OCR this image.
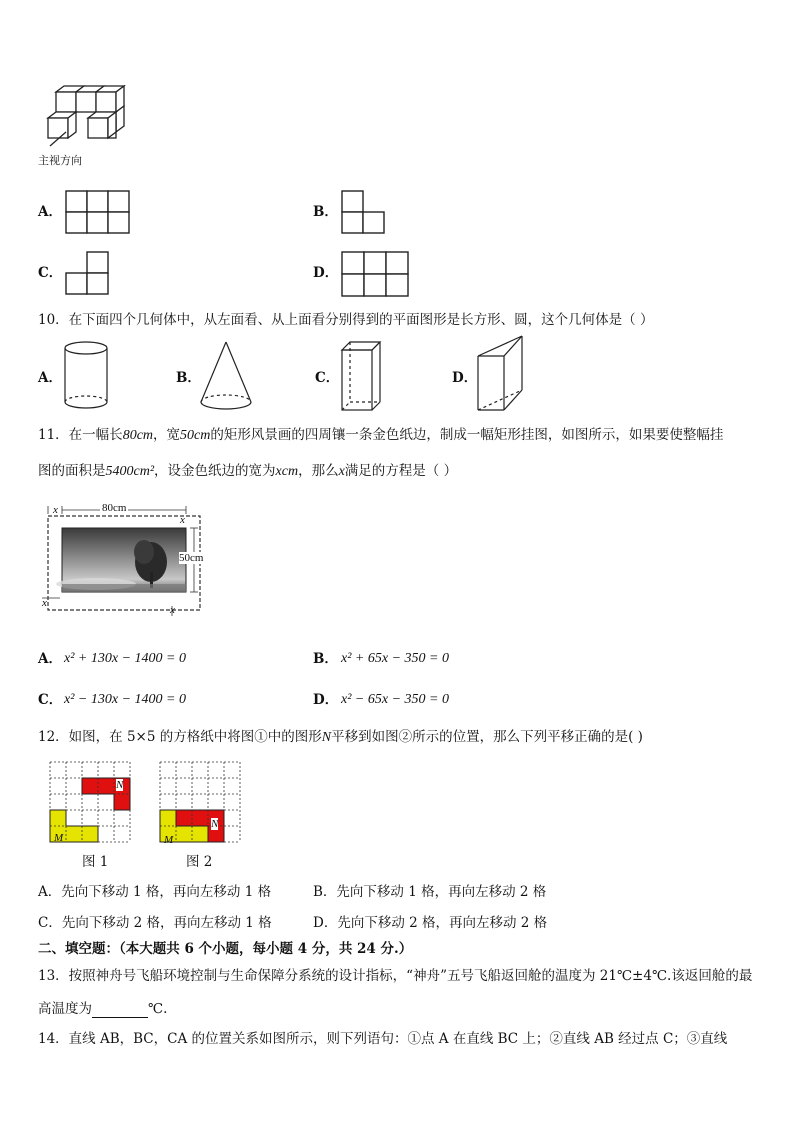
主视方向
A．	B．
C．	D．
10．在下面四个几何体中，从左面看、从上面看分别得到的平面图形是长方形、圆，这个几何体是（ ）
A．	B．	C．	D．
11．在一幅长80cm，宽50cm的矩形风景画的四周镶一条金色纸边，制成一幅矩形挂图，如图所示，如果要使整幅挂
图的面积是5400cm²，设金色纸边的宽为xcm，那么x满足的方程是（ ）
80cm
50cm
x
x
x
x
A． x² + 130x − 1400 = 0	B． x² + 65x − 350 = 0
C． x² − 130x − 1400 = 0	D． x² − 65x − 350 = 0
12．如图，在 5×5 的方格纸中将图①中的图形N平移到如图②所示的位置，那么下列平移正确的是( )
N
M
图 1
N
M
图 2
A．先向下移动 1 格，再向左移动 1 格	B．先向下移动 1 格，再向左移动 2 格
C．先向下移动 2 格，再向左移动 1 格	D．先向下移动 2 格，再向左移动 2 格
二、填空题：（本大题共 6 个小题，每小题 4 分，共 24 分.）
13．按照神舟号飞船环境控制与生命保障分系统的设计指标，“神舟”五号飞船返回舱的温度为 21℃±4℃.该返回舱的最
高温度为	℃.
14．直线 AB，BC，CA 的位置关系如图所示，则下列语句：①点 A 在直线 BC 上；②直线 AB 经过点 C；③直线
